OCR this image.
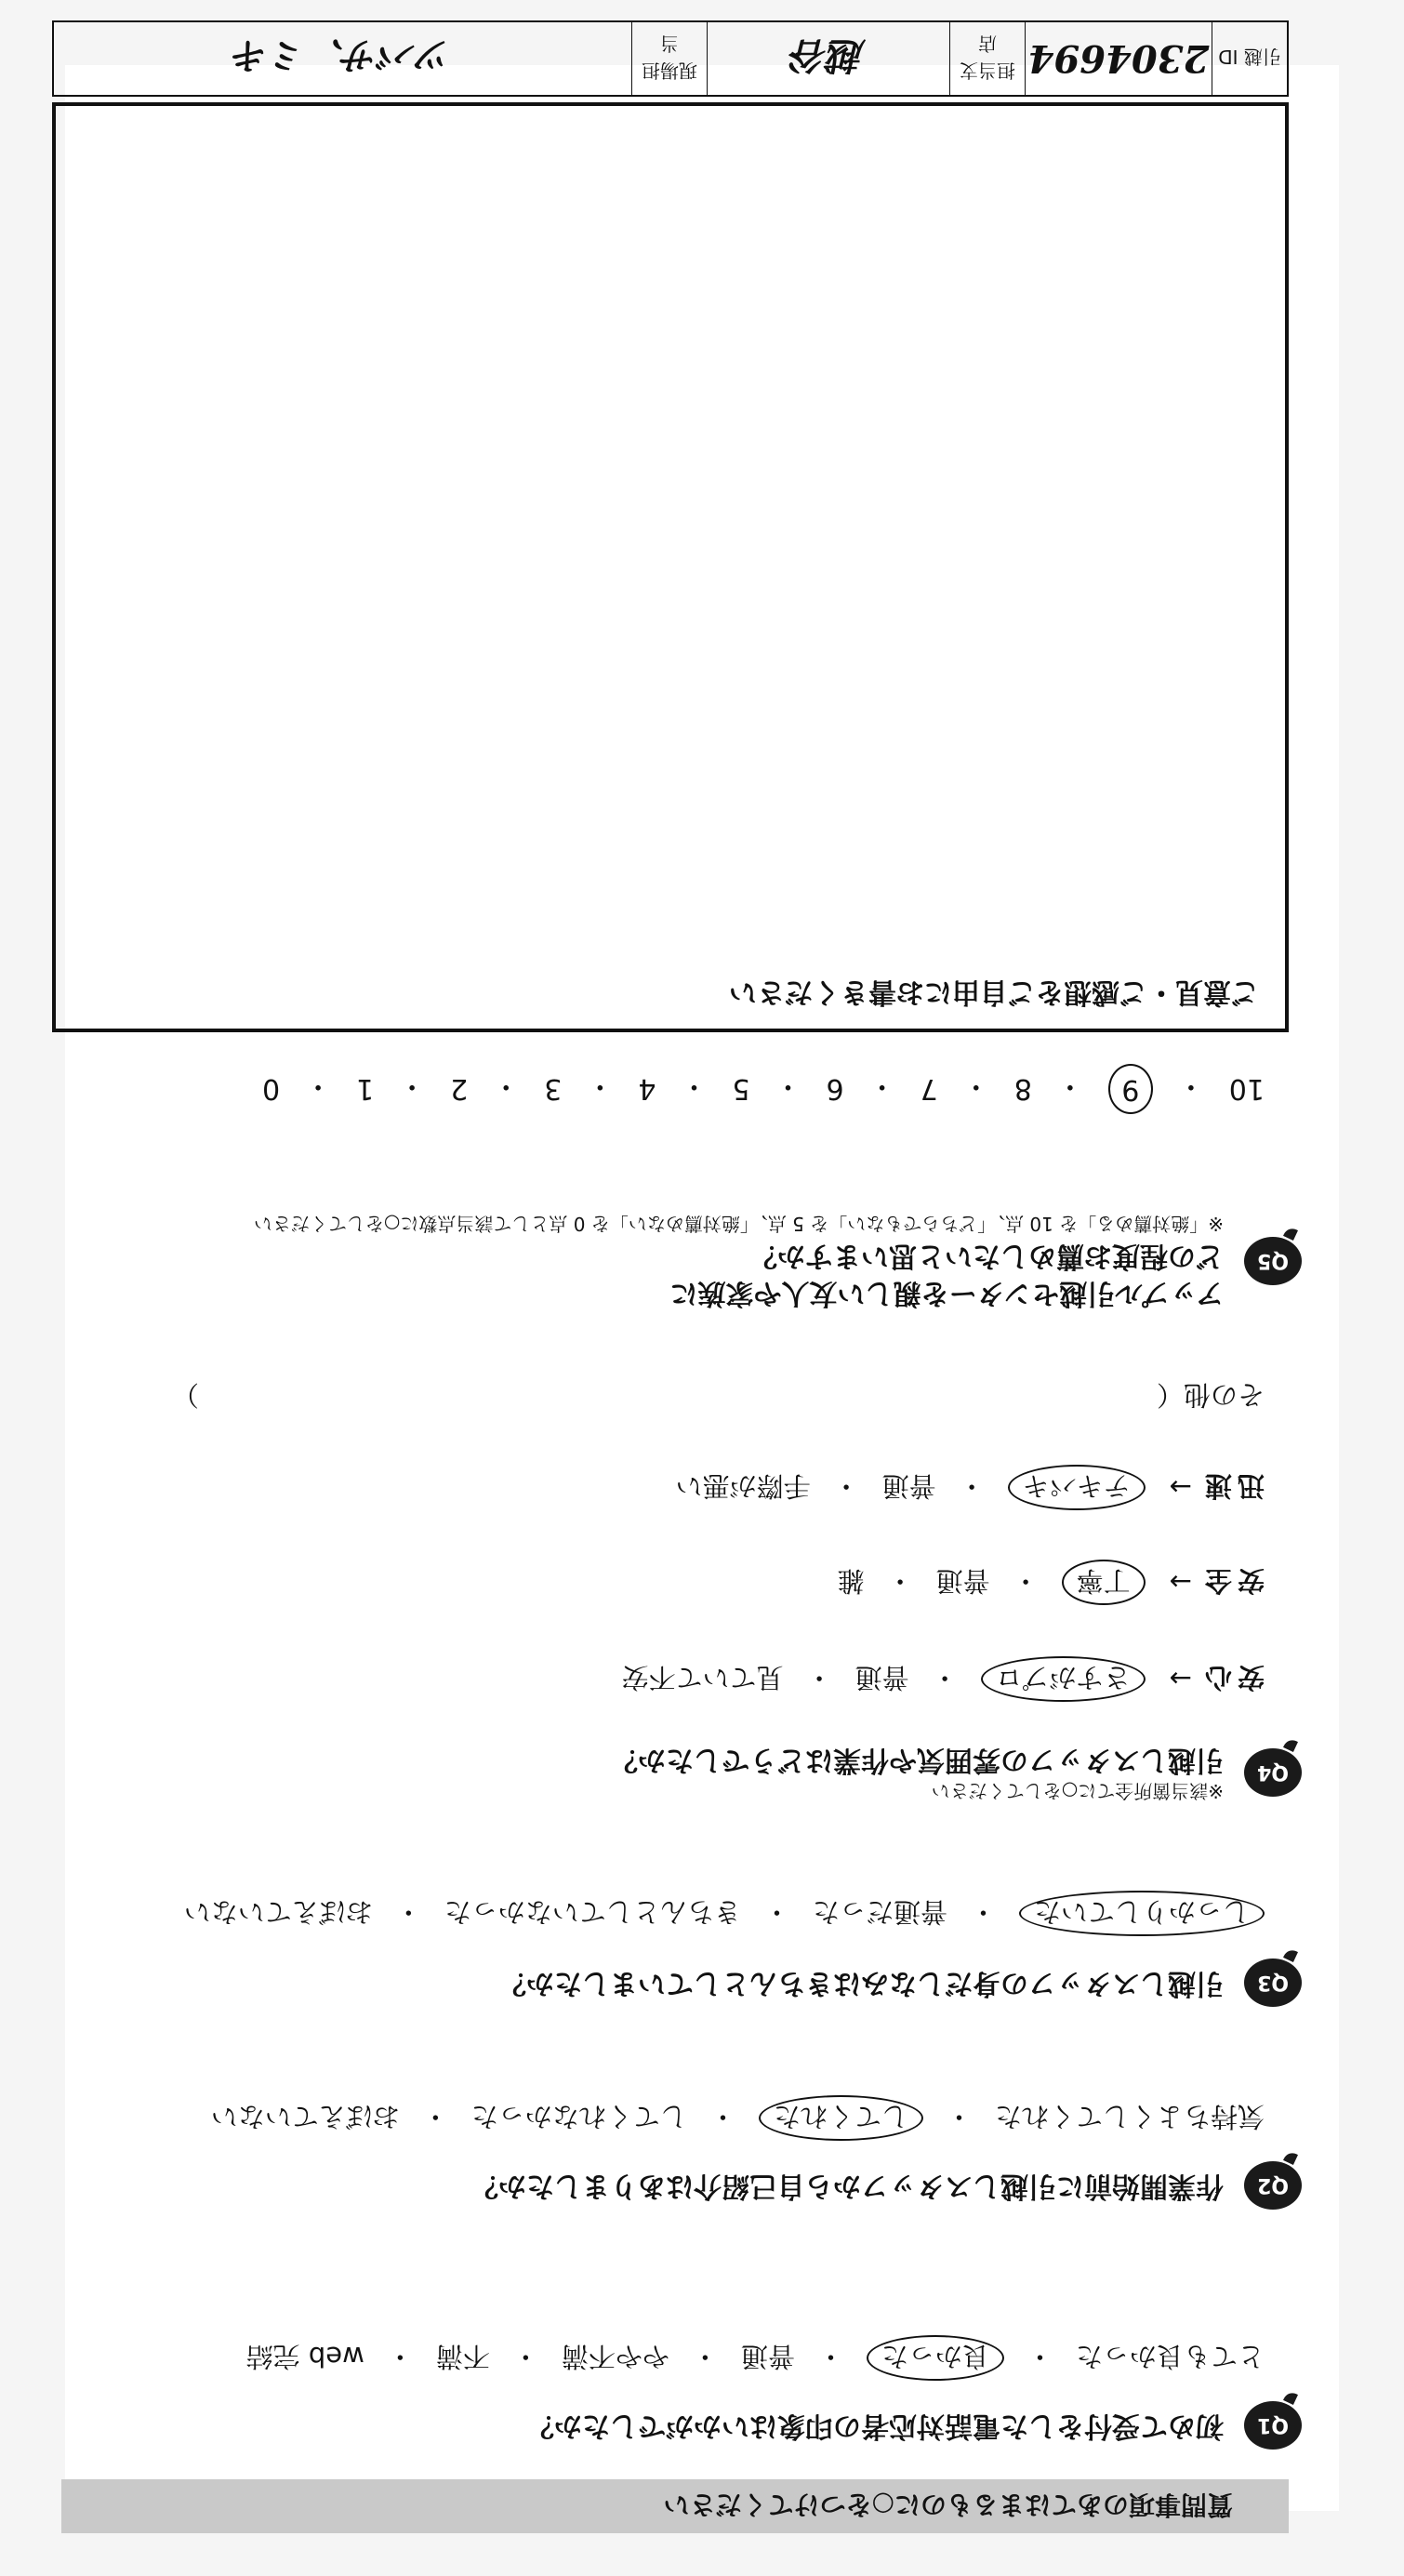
質問事項のあてはまるものに○をつけてください
Q1
初めて受付をした電話対応者の印象はいかがでしたか？
とても良かった
・
良かった
・
普通
・
やや不満
・
不満
・
web 完結
Q2
作業開始前に引越しスタッフから自己紹介はありましたか？
気持ちよくしてくれた
・
してくれた
・
してくれなかった
・
おぼえていない
Q3
引越しスタッフの身だしなみはきちんとしていましたか？
しっかりしていた
・
普通だった
・
きちんとしていなかった
・
おぼえていない
Q4
※該当箇所全てに○をしてください
引越しスタッフの雰囲気や作業はどうでしたか？
安心
→
さすがプロ
・
普通
・
見ていて不安
安全
→
丁寧
・
普通
・
雑
10
・
9
・
8
・
7
・
6
・
5
・
4
・
3
・
2
・
1
・
0
迅速
→
テキパキ
・
普通
・
手際が悪い
その他（
）
Q5
アップル引越センターを親しい友人や家族に
どの程度お薦めしたいと思いますか？
※「絶対薦める」を 10 点、「どちらでもない」を 5 点、「絶対薦めない」を 0 点として該当点数に○をしてください
ご意見・ご感想をご自由にお書きください
引越 ID
2304694
担当支店
越谷
現場担当
ツバサ、ミキ
